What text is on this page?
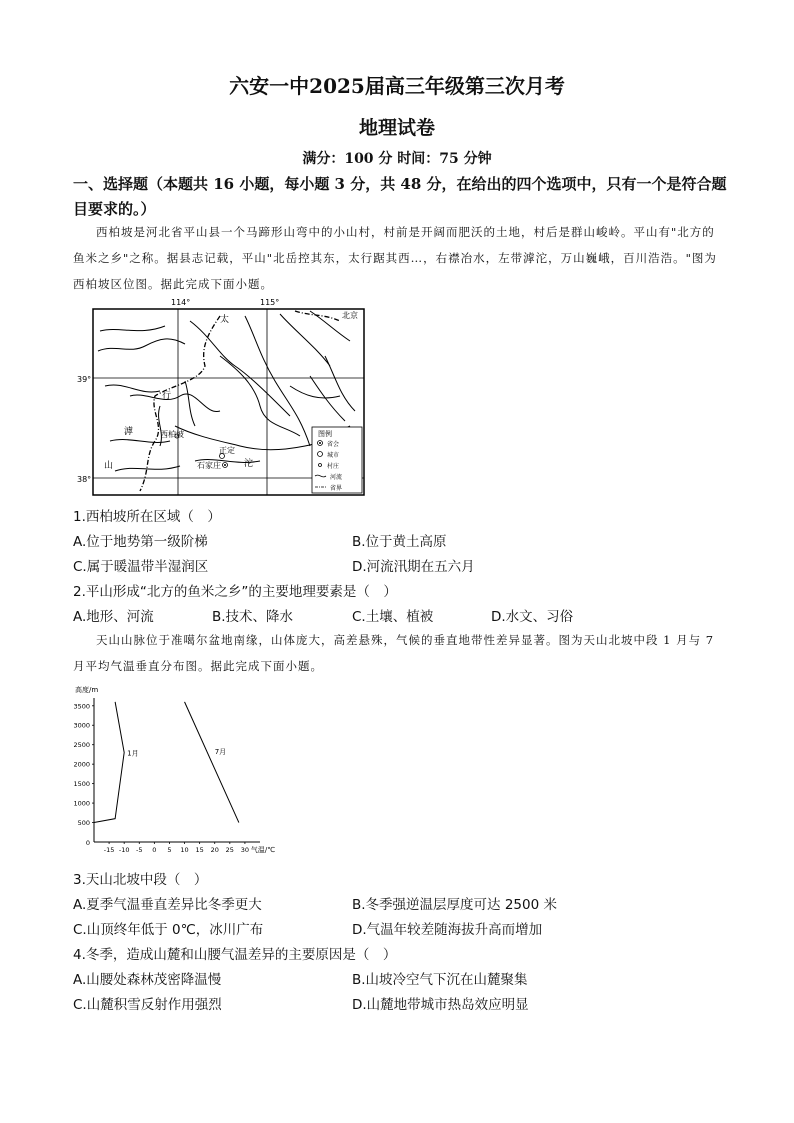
六安一中2025届高三年级第三次月考
地理试卷
满分：100 分 时间：75 分钟
一、选择题（本题共 16 小题，每小题 3 分，共 48 分，在给出的四个选项中，只有一个是符合题目要求的。）
西柏坡是河北省平山县一个马蹄形山弯中的小山村，村前是开阔而肥沃的土地，村后是群山峻岭。平山有"北方的鱼米之乡"之称。据县志记载，平山"北岳控其东，太行踞其西…，右襟冶水，左带滹沱，万山巍峨，百川浩浩。"图为西柏坡区位图。据此完成下面小题。
114°	115°
39°
38°
北京
太
行
西柏坡
正定
石家庄
滹
沱
山
图例
省会
城市
村庄
河流
省界
1.西柏坡所在区域（　）
A.位于地势第一级阶梯	B.位于黄土高原
C.属于暖温带半湿润区	D.河流汛期在五六月
2.平山形成“北方的鱼米之乡”的主要地理要素是（　）
A.地形、河流	B.技术、降水	C.土壤、植被	D.水文、习俗
天山山脉位于准噶尔盆地南缘，山体庞大，高差悬殊，气候的垂直地带性差异显著。图为天山北坡中段 1 月与 7 月平均气温垂直分布图。据此完成下面小题。
0
500
1000
1500
2000
2500
3000
3500
-15 -10 -5 0 5 10 15 20 25 30
1月	7月
高度/m
气温/℃
3.天山北坡中段（　）
A.夏季气温垂直差异比冬季更大	B.冬季强逆温层厚度可达 2500 米
C.山顶终年低于 0℃，冰川广布	D.气温年较差随海拔升高而增加
4.冬季，造成山麓和山腰气温差异的主要原因是（　）
A.山腰处森林茂密降温慢	B.山坡冷空气下沉在山麓聚集
C.山麓积雪反射作用强烈	D.山麓地带城市热岛效应明显
